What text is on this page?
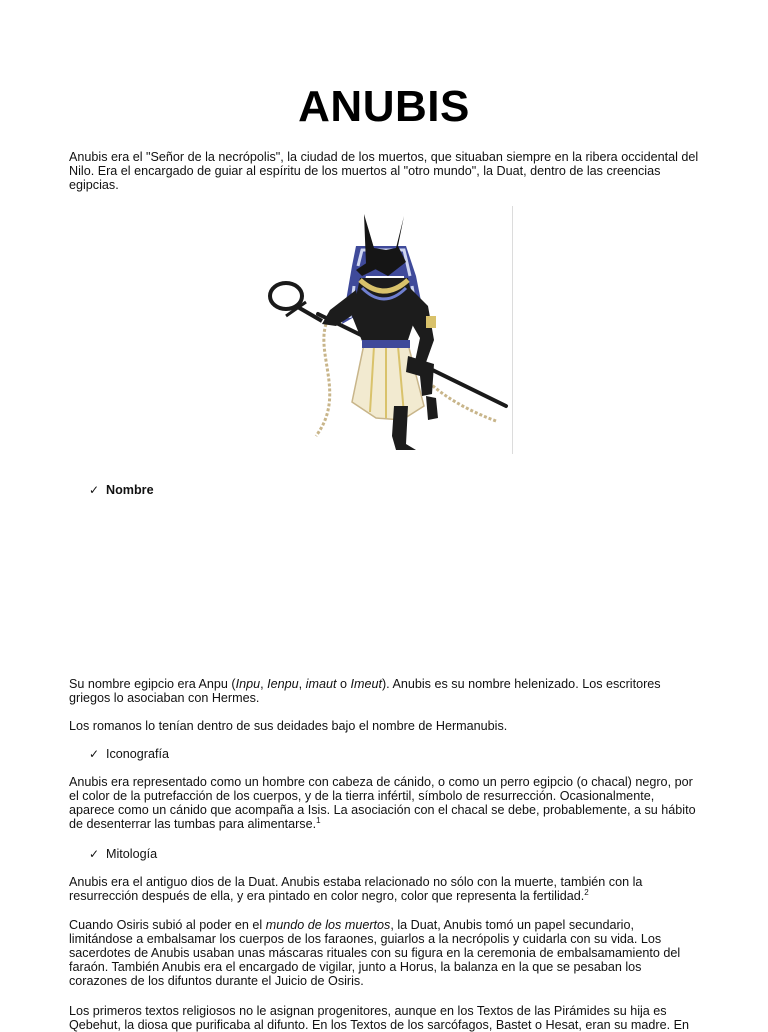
ANUBIS

Anubis era el "Señor de la necrópolis", la ciudad de los muertos, que situaban siempre en la ribera occidental del Nilo. Era el encargado de guiar al espíritu de los muertos al "otro mundo", la Duat, dentro de las creencias egipcias.

✓ Nombre

Su nombre egipcio era Anpu (Inpu, Ienpu, imaut o Imeut). Anubis es su nombre helenizado. Los escritores griegos lo asociaban con Hermes.

Los romanos lo tenían dentro de sus deidades bajo el nombre de Hermanubis.

✓ Iconografía

Anubis era representado como un hombre con cabeza de cánido, o como un perro egipcio (o chacal) negro, por el color de la putrefacción de los cuerpos, y de la tierra infértil, símbolo de resurrección. Ocasionalmente, aparece como un cánido que acompaña a Isis. La asociación con el chacal se debe, probablemente, a su hábito de desenterrar las tumbas para alimentarse.$^1$

✓ Mitología

Anubis era el antiguo dios de la Duat. Anubis estaba relacionado no sólo con la muerte, también con la resurrección después de ella, y era pintado en color negro, color que representa la fertilidad.$^2$

Cuando Osiris subió al poder en el mundo de los muertos, la Duat, Anubis tomó un papel secundario, limitándose a embalsamar los cuerpos de los faraones, guiarlos a la necrópolis y cuidarla con su vida. Los sacerdotes de Anubis usaban unas máscaras rituales con su figura en la ceremonia de embalsamamiento del faraón. También Anubis era el encargado de vigilar, junto a Horus, la balanza en la que se pesaban los corazones de los difuntos durante el Juicio de Osiris.

Los primeros textos religiosos no le asignan progenitores, aunque en los Textos de las Pirámides su hija es Qebehut, la diosa que purificaba al difunto. En los Textos de los sarcófagos, Bastet o Hesat, eran su madre. En
